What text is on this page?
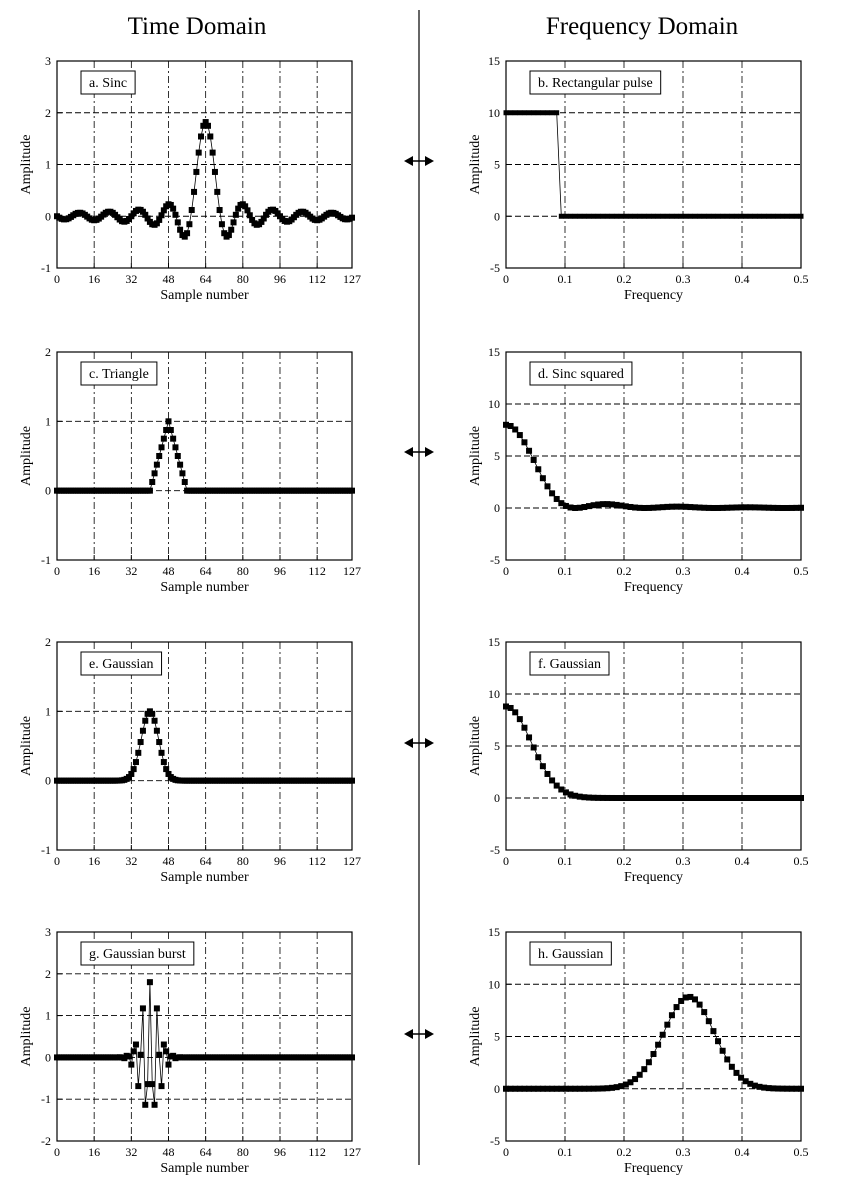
Time Domain	Frequency Domain
0 16 32 48 64 80 96 112 127
-1
0
1
2
3
Sample number
Amplitude
a. Sinc
0	0.1	0.2	0.3	0.4	0.5
-5
0
5
10
15
Frequency
Amplitude
b. Rectangular pulse
0 16 32 48 64 80 96 112 127
-1
0
1
2
Sample number
Amplitude
c. Triangle
0	0.1	0.2	0.3	0.4	0.5
-5
0
5
10
15
Frequency
Amplitude
d. Sinc squared
0 16 32 48 64 80 96 112 127
-1
0
1
2
Sample number
Amplitude
e. Gaussian
0	0.1	0.2	0.3	0.4	0.5
-5
0
5
10
15
Frequency
Amplitude
f. Gaussian
0 16 32 48 64 80 96 112 127
-2
-1
0
1
2
3
Sample number
Amplitude
g. Gaussian burst
0	0.1	0.2	0.3	0.4	0.5
-5
0
5
10
15
Frequency
Amplitude
h. Gaussian
